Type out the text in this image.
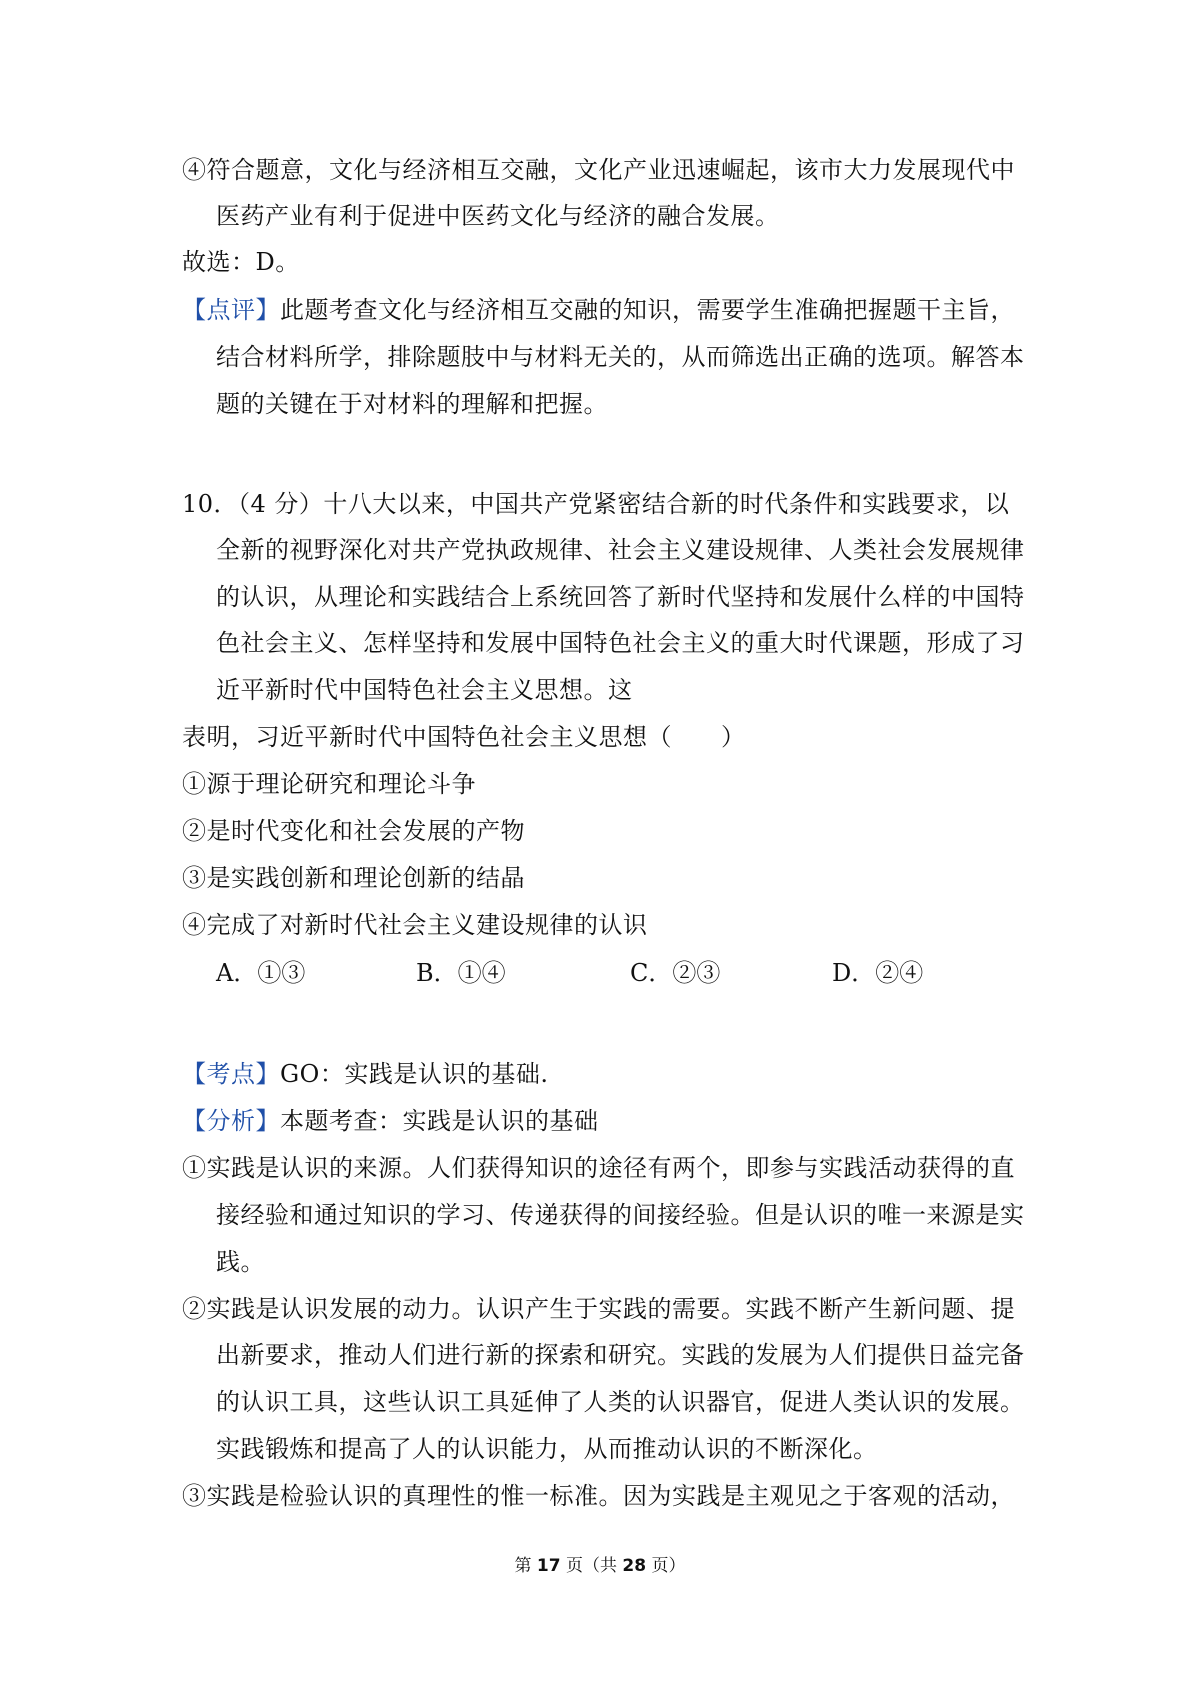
④符合题意，文化与经济相互交融，文化产业迅速崛起，该市大力发展现代中
医药产业有利于促进中医药文化与经济的融合发展。
故选：D。
【点评】此题考查文化与经济相互交融的知识，需要学生准确把握题干主旨，
结合材料所学，排除题肢中与材料无关的，从而筛选出正确的选项。解答本
题的关键在于对材料的理解和把握。
10．（4 分）十八大以来，中国共产党紧密结合新的时代条件和实践要求，以
全新的视野深化对共产党执政规律、社会主义建设规律、人类社会发展规律
的认识，从理论和实践结合上系统回答了新时代坚持和发展什么样的中国特
色社会主义、怎样坚持和发展中国特色社会主义的重大时代课题，形成了习
近平新时代中国特色社会主义思想。这
表明，习近平新时代中国特色社会主义思想（　　）
①源于理论研究和理论斗争
②是时代变化和社会发展的产物
③是实践创新和理论创新的结晶
④完成了对新时代社会主义建设规律的认识
A．①③	B．①④	C．②③	D．②④
【考点】GO：实践是认识的基础.
【分析】本题考查：实践是认识的基础
①实践是认识的来源。人们获得知识的途径有两个，即参与实践活动获得的直
接经验和通过知识的学习、传递获得的间接经验。但是认识的唯一来源是实
践。
②实践是认识发展的动力。认识产生于实践的需要。实践不断产生新问题、提
出新要求，推动人们进行新的探索和研究。实践的发展为人们提供日益完备
的认识工具，这些认识工具延伸了人类的认识器官，促进人类认识的发展。
实践锻炼和提高了人的认识能力，从而推动认识的不断深化。
③实践是检验认识的真理性的惟一标准。因为实践是主观见之于客观的活动，
第 17 页（共 28 页）
